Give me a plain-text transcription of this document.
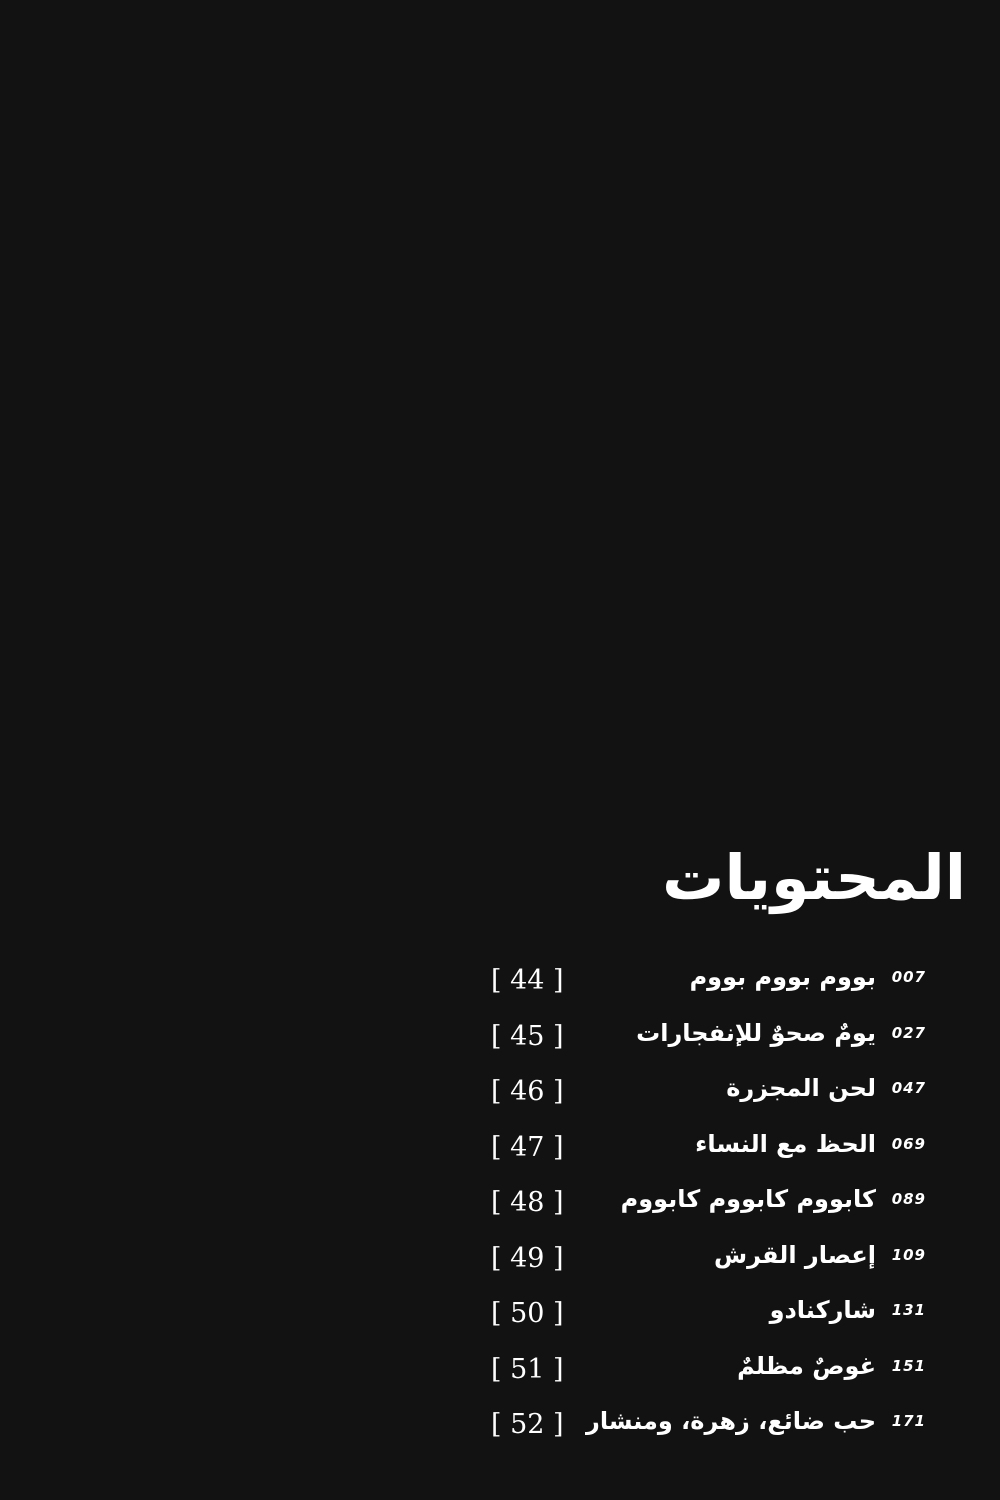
المحتويات
007
بووم بووم بووم
[ 44 ]
027
يومٌ صحوٌ للإنفجارات
[ 45 ]
047
لحن المجزرة
[ 46 ]
069
الحظ مع النساء
[ 47 ]
089
كابووم كابووم كابووم
[ 48 ]
109
إعصار القرش
[ 49 ]
131
شاركنادو
[ 50 ]
151
غوصٌ مظلمٌ
[ 51 ]
171
حب ضائع، زهرة، ومنشار
[ 52 ]
